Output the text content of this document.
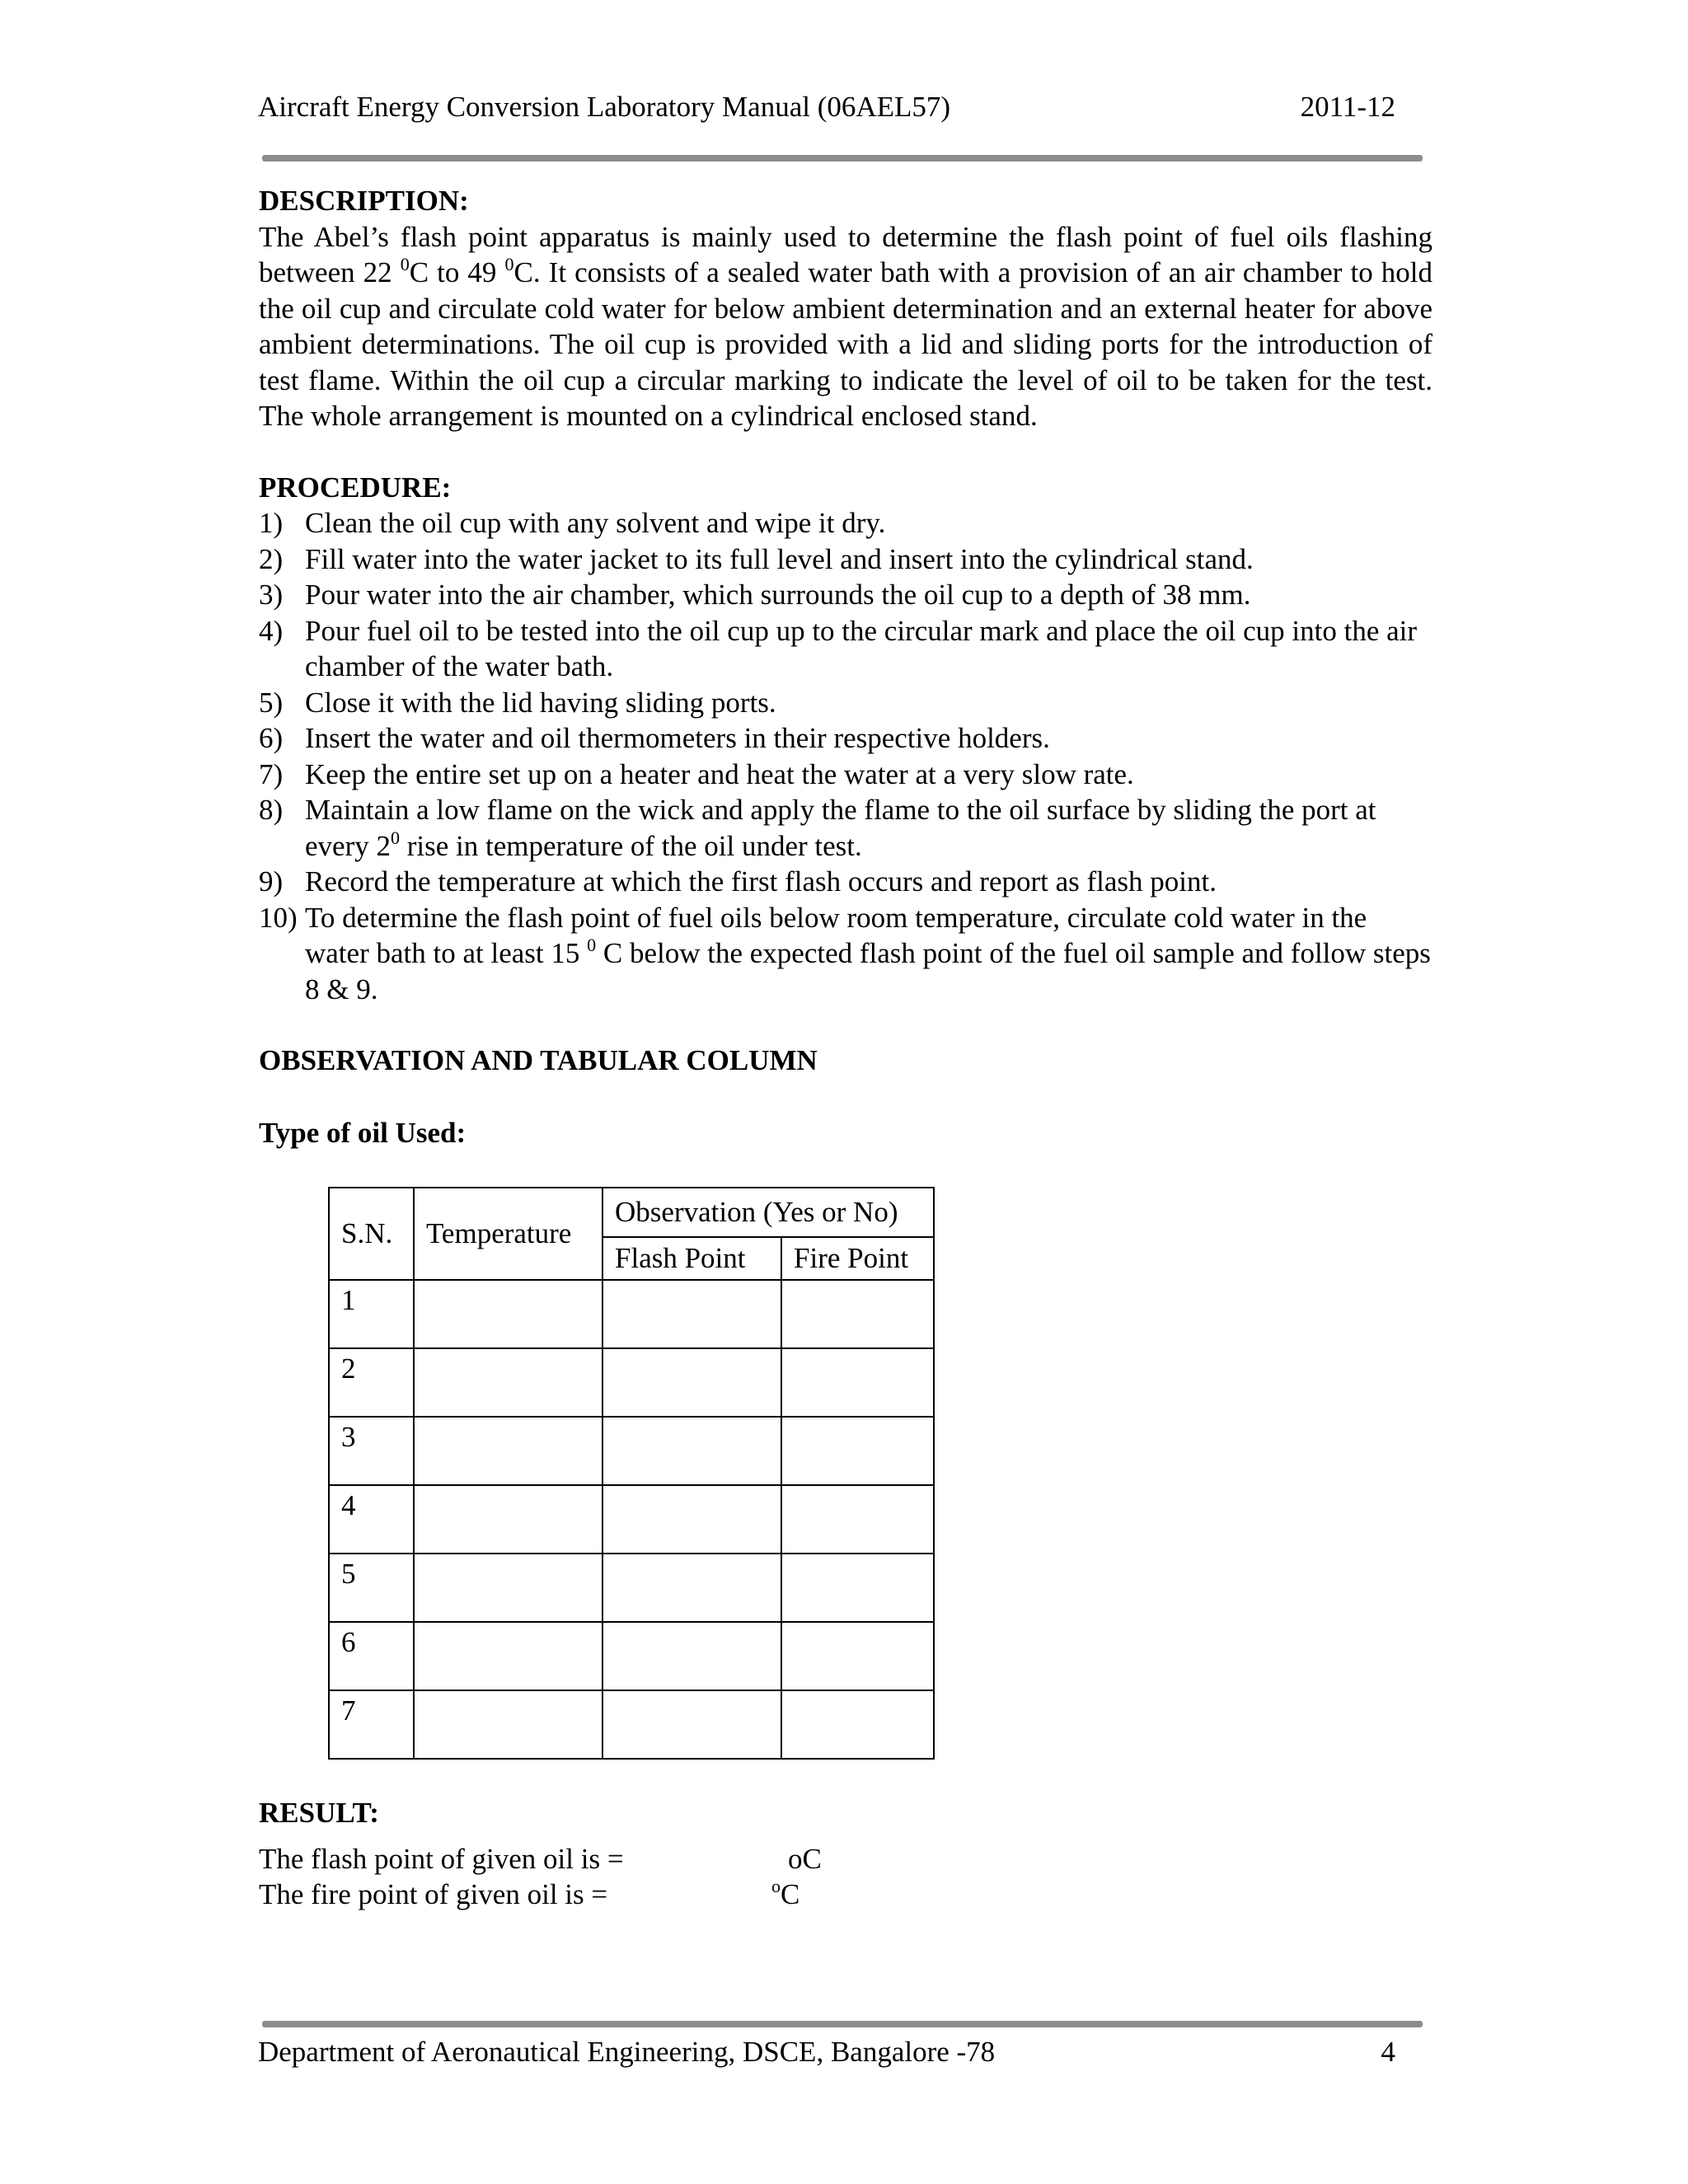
Aircraft Energy Conversion Laboratory Manual (06AEL57)	2011-12

DESCRIPTION:

The Abel’s flash point apparatus is mainly used to determine the flash point of fuel oils flashing between 22 $^0$C to 49 $^0$C. It consists of a sealed water bath with a provision of an air chamber to hold the oil cup and circulate cold water for below ambient determination and an external heater for above ambient determinations. The oil cup is provided with a lid and sliding ports for the introduction of test flame. Within the oil cup a circular marking to indicate the level of oil to be taken for the test. The whole arrangement is mounted on a cylindrical enclosed stand.

PROCEDURE:

1) Clean the oil cup with any solvent and wipe it dry.
2) Fill water into the water jacket to its full level and insert into the cylindrical stand.
3) Pour water into the air chamber, which surrounds the oil cup to a depth of 38 mm.
4) Pour fuel oil to be tested into the oil cup up to the circular mark and place the oil cup into the air chamber of the water bath.
5) Close it with the lid having sliding ports.
6) Insert the water and oil thermometers in their respective holders.
7) Keep the entire set up on a heater and heat the water at a very slow rate.
8) Maintain a low flame on the wick and apply the flame to the oil surface by sliding the port at every $2^0$ rise in temperature of the oil under test.
9) Record the temperature at which the first flash occurs and report as flash point.
10) To determine the flash point of fuel oils below room temperature, circulate cold water in the water bath to at least 15 $^0$ C below the expected flash point of the fuel oil sample and follow steps 8 & 9.

OBSERVATION AND TABULAR COLUMN

Type of oil Used:

S.N.	Temperature	Observation (Yes or No)	
		Flash Point	Fire Point
1			
2			
3			
4			
5			
6			
7			

RESULT:

The flash point of given oil is =	oC
The fire point of given oil is =	$^o$C
Department of Aeronautical Engineering, DSCE, Bangalore -78	4
